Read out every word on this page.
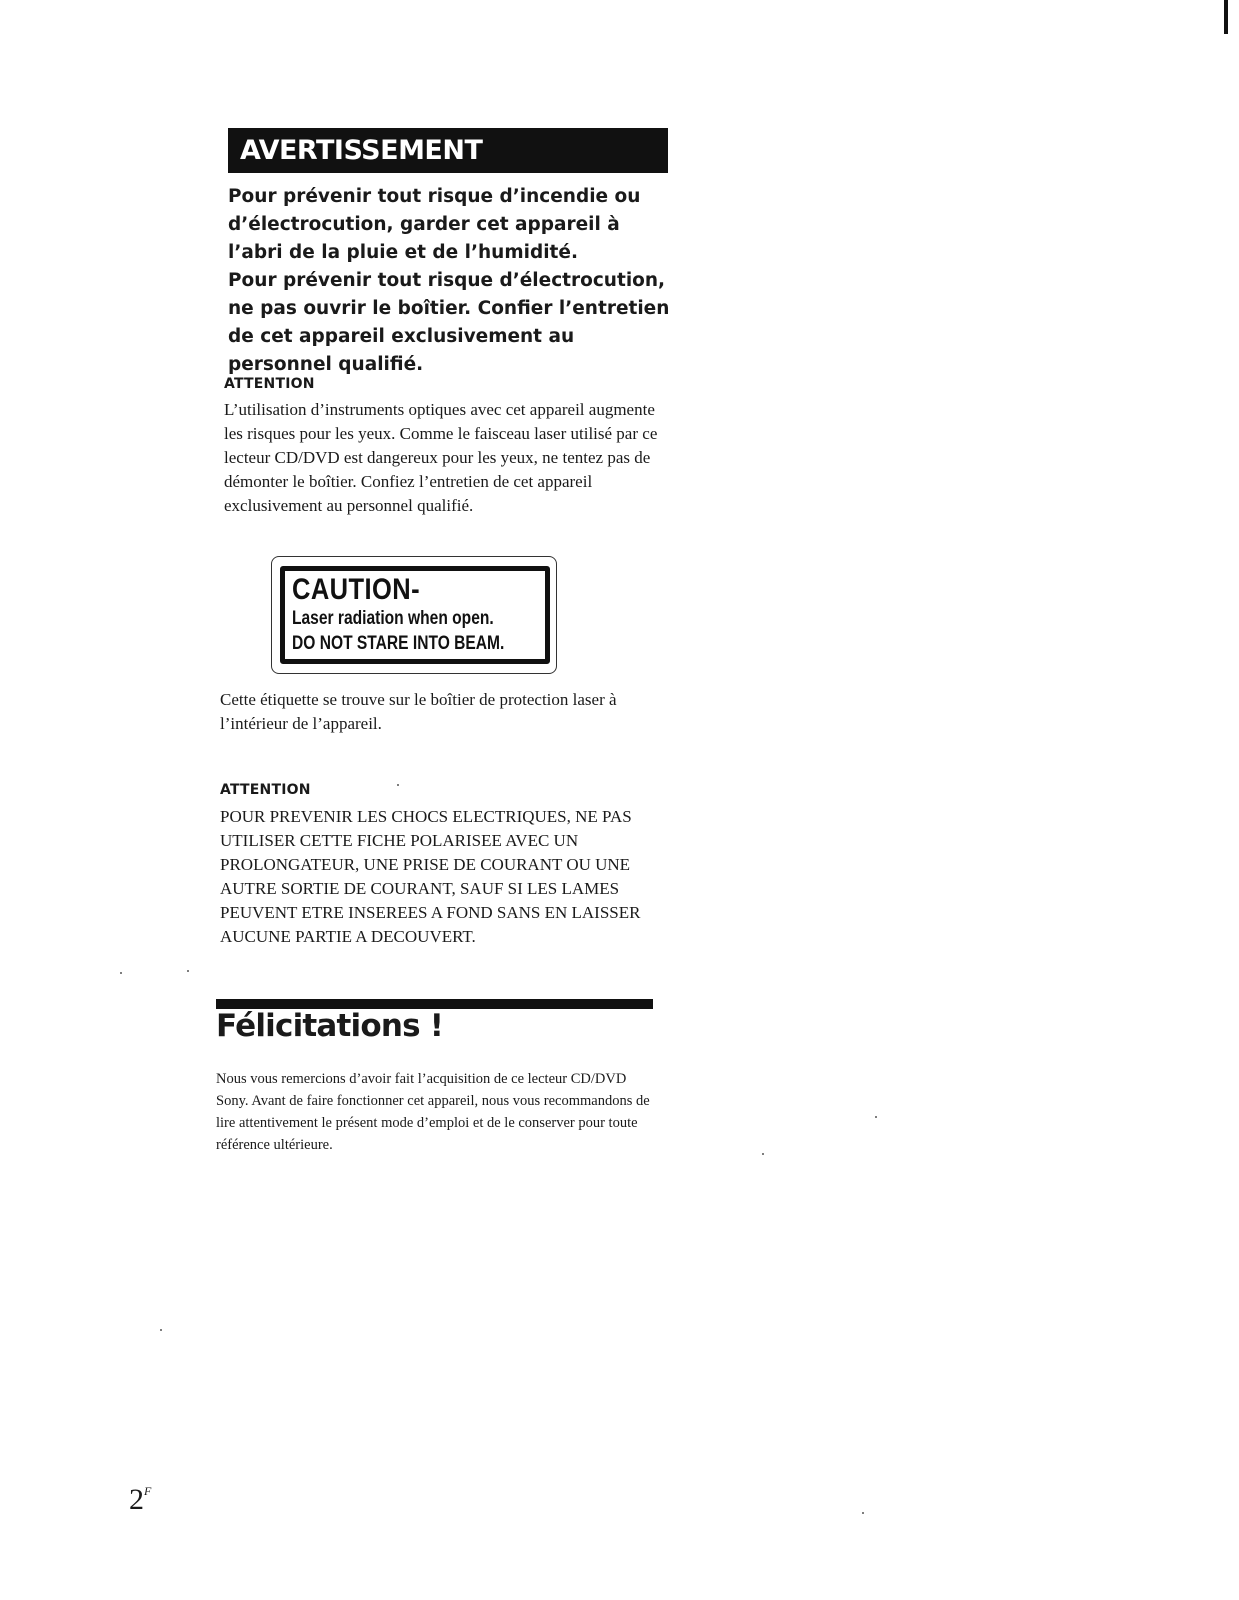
AVERTISSEMENT

Pour prévenir tout risque d’incendie ou d’électrocution, garder cet appareil à l’abri de la pluie et de l’humidité.

Pour prévenir tout risque d’électrocution, ne pas ouvrir le boîtier. Confier l’entretien de cet appareil exclusivement au personnel qualifié.

ATTENTION

L’utilisation d’instruments optiques avec cet appareil augmente les risques pour les yeux. Comme le faisceau laser utilisé par ce lecteur CD/DVD est dangereux pour les yeux, ne tentez pas de démonter le boîtier. Confiez l’entretien de cet appareil exclusivement au personnel qualifié.

CAUTION-
Laser radiation when open.
DO NOT STARE INTO BEAM.

Cette étiquette se trouve sur le boîtier de protection laser à l’intérieur de l’appareil.

ATTENTION

POUR PREVENIR LES CHOCS ELECTRIQUES, NE PAS UTILISER CETTE FICHE POLARISEE AVEC UN PROLONGATEUR, UNE PRISE DE COURANT OU UNE AUTRE SORTIE DE COURANT, SAUF SI LES LAMES PEUVENT ETRE INSEREES A FOND SANS EN LAISSER AUCUNE PARTIE A DECOUVERT.

Félicitations !

Nous vous remercions d’avoir fait l’acquisition de ce lecteur CD/DVD Sony. Avant de faire fonctionner cet appareil, nous vous recommandons de lire attentivement le présent mode d’emploi et de le conserver pour toute référence ultérieure.

$2^F$
